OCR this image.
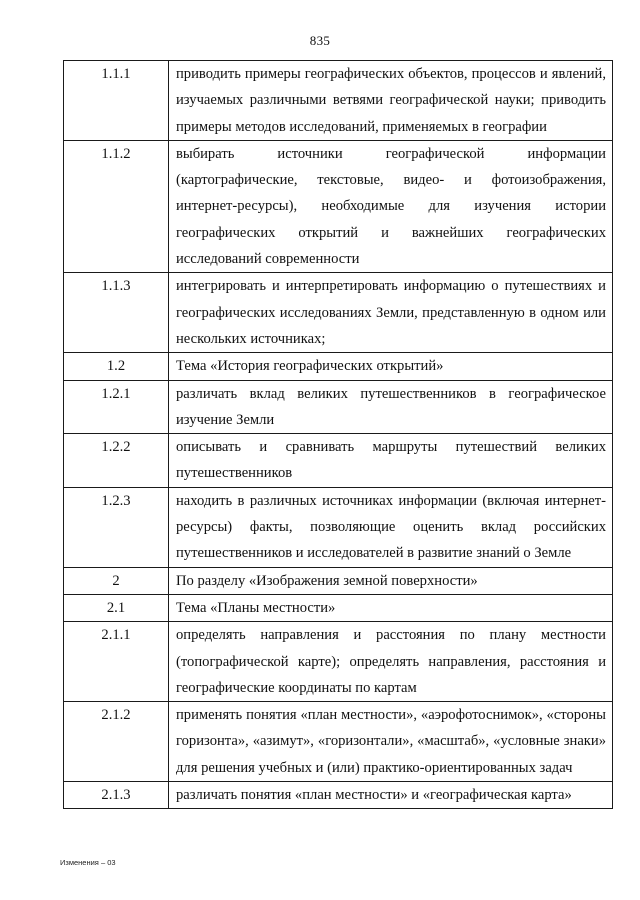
835
1.1.1	приводить примеры географических объектов, процессов и явлений, изучаемых различными ветвями географической науки; приводить примеры методов исследований, применяемых в географии
1.1.2	выбирать источники географической информации (картографические, текстовые, видео- и фотоизображения, интернет-ресурсы), необходимые для изучения истории географических открытий и важнейших географических исследований современности
1.1.3	интегрировать и интерпретировать информацию о путешествиях и географических исследованиях Земли, представленную в одном или нескольких источниках;
1.2	Тема «История географических открытий»
1.2.1	различать вклад великих путешественников в географическое изучение Земли
1.2.2	описывать и сравнивать маршруты путешествий великих путешественников
1.2.3	находить в различных источниках информации (включая интернет-ресурсы) факты, позволяющие оценить вклад российских путешественников и исследователей в развитие знаний о Земле
2	По разделу «Изображения земной поверхности»
2.1	Тема «Планы местности»
2.1.1	определять направления и расстояния по плану местности (топографической карте); определять направления, расстояния и географические координаты по картам
2.1.2	применять понятия «план местности», «аэрофотоснимок», «стороны горизонта», «азимут», «горизонтали», «масштаб», «условные знаки» для решения учебных и (или) практико-ориентированных задач
2.1.3	различать понятия «план местности» и «географическая карта»
Изменения – 03
